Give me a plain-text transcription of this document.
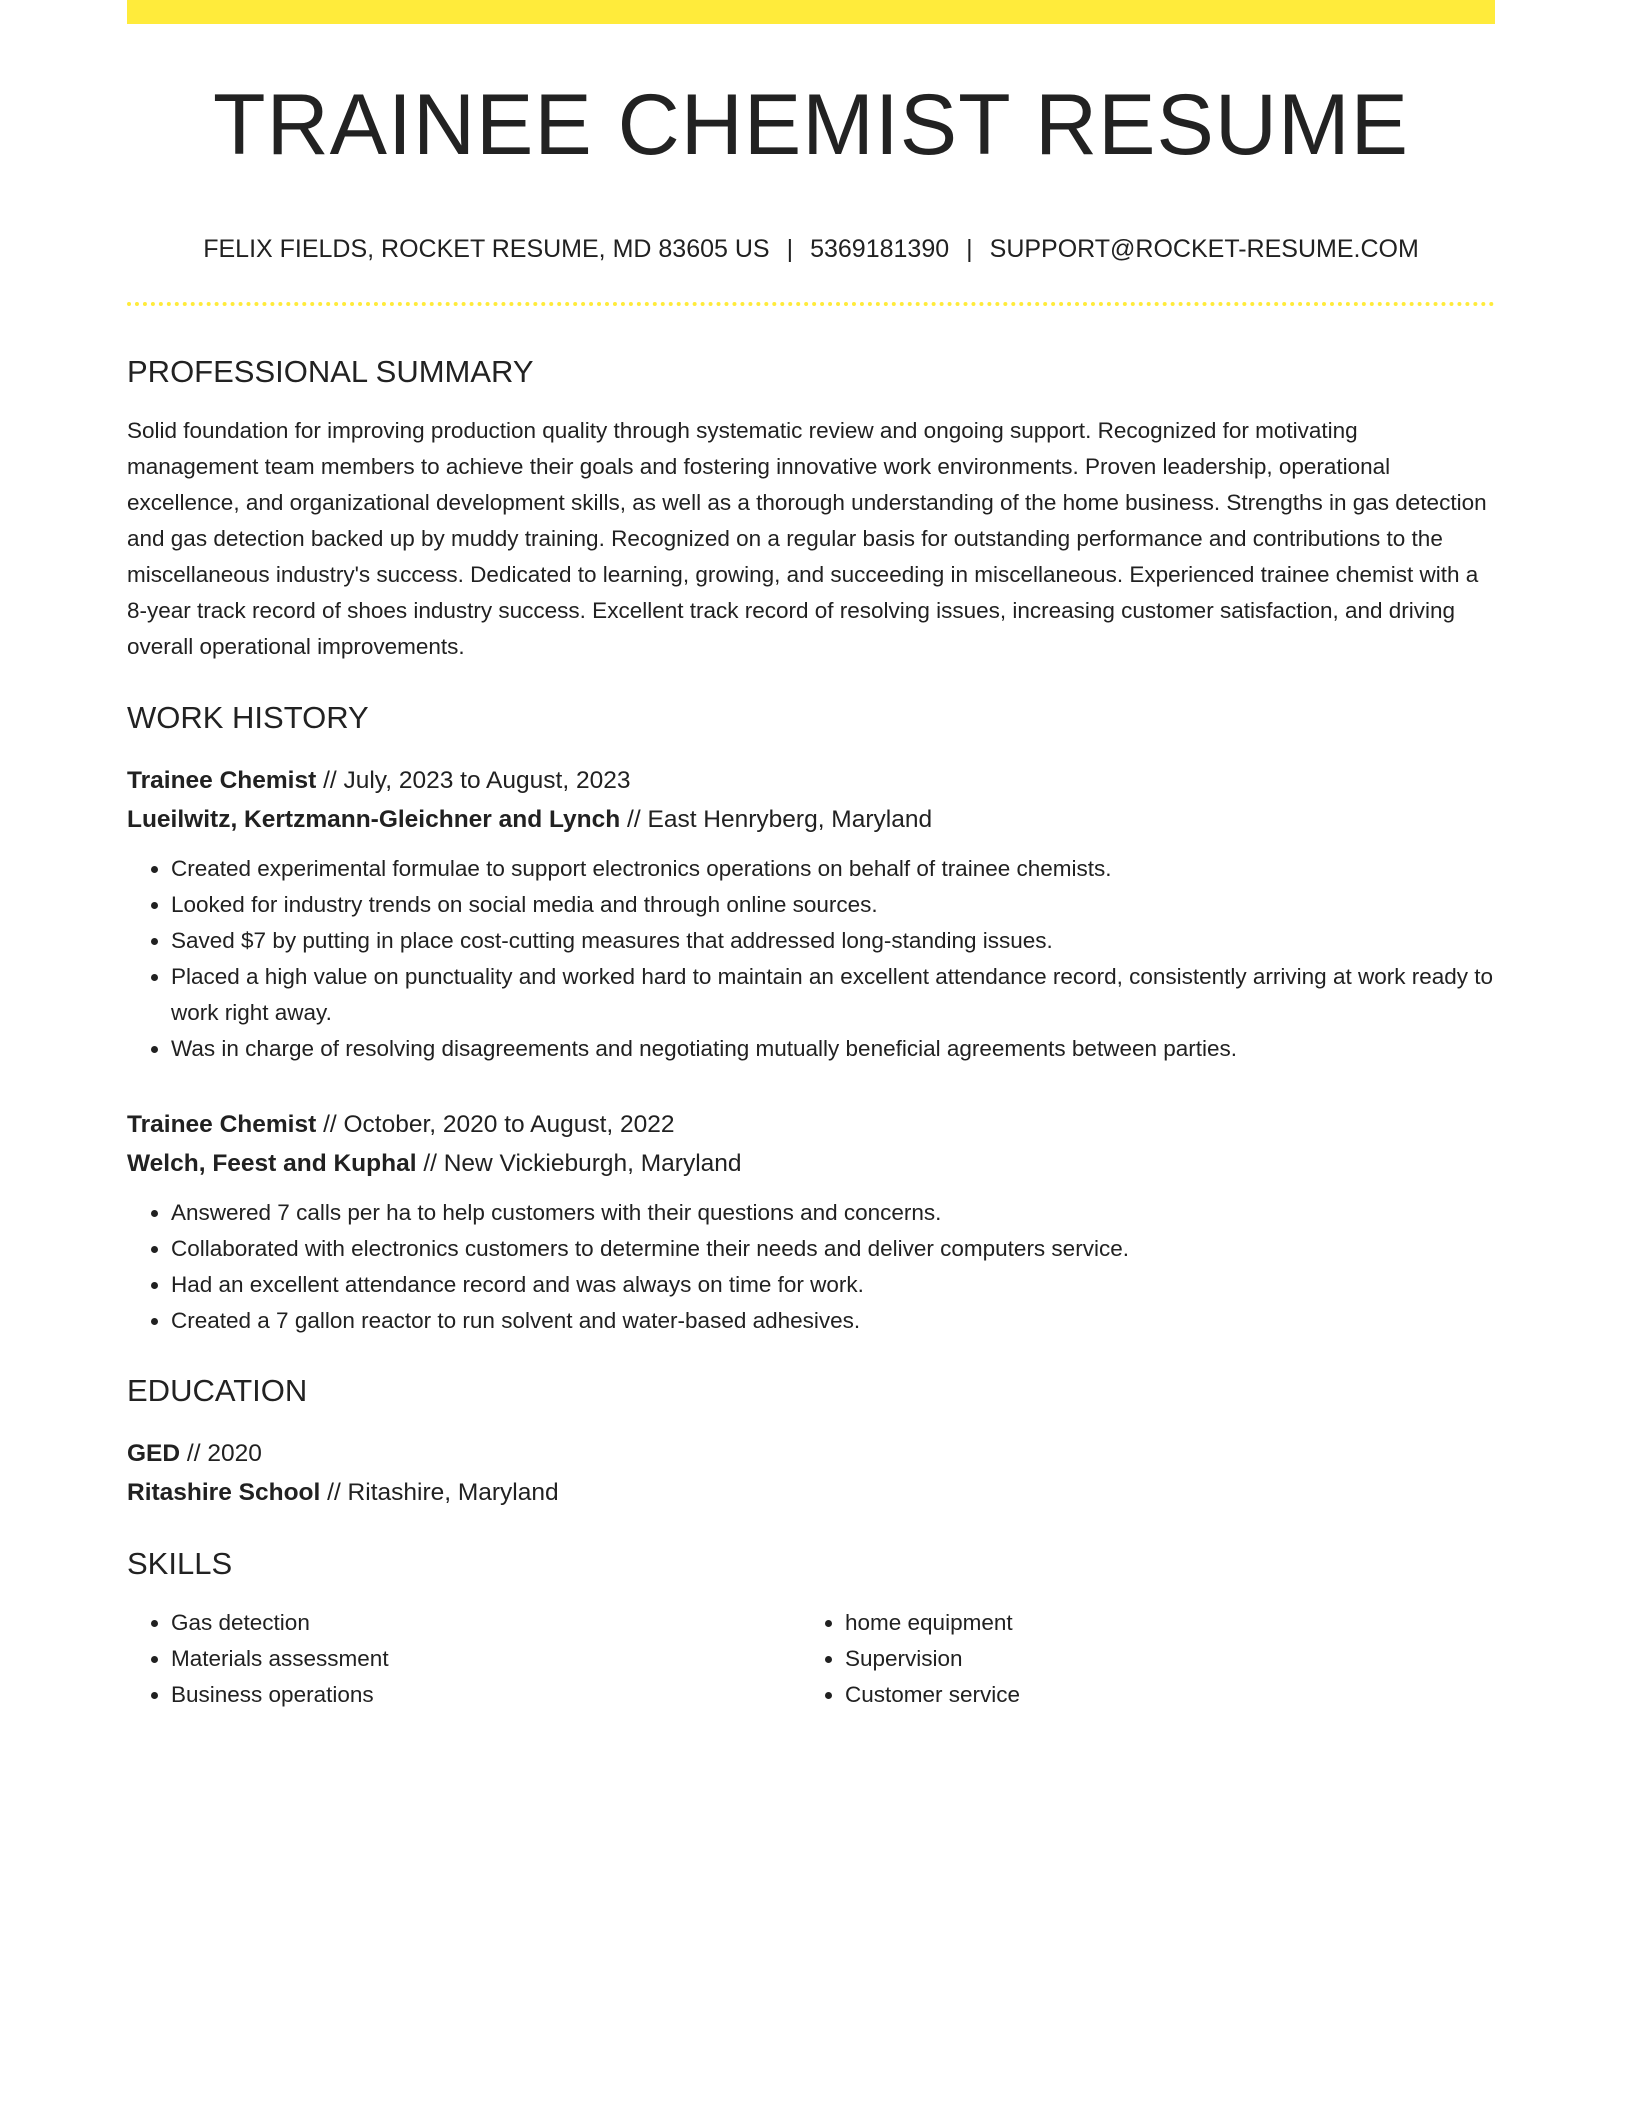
TRAINEE CHEMIST RESUME
FELIX FIELDS, ROCKET RESUME, MD 83605 US | 5369181390 | SUPPORT@ROCKET-RESUME.COM
PROFESSIONAL SUMMARY

Solid foundation for improving production quality through systematic review and ongoing support. Recognized for motivating management team members to achieve their goals and fostering innovative work environments. Proven leadership, operational excellence, and organizational development skills, as well as a thorough understanding of the home business. Strengths in gas detection and gas detection backed up by muddy training. Recognized on a regular basis for outstanding performance and contributions to the miscellaneous industry's success. Dedicated to learning, growing, and succeeding in miscellaneous. Experienced trainee chemist with a 8-year track record of shoes industry success. Excellent track record of resolving issues, increasing customer satisfaction, and driving overall operational improvements.

WORK HISTORY
Trainee Chemist // July, 2023 to August, 2023
Lueilwitz, Kertzmann-Gleichner and Lynch // East Henryberg, Maryland
• Created experimental formulae to support electronics operations on behalf of trainee chemists.
• Looked for industry trends on social media and through online sources.
• Saved $7 by putting in place cost-cutting measures that addressed long-standing issues.
• Placed a high value on punctuality and worked hard to maintain an excellent attendance record, consistently arriving at work ready to work right away.
• Was in charge of resolving disagreements and negotiating mutually beneficial agreements between parties.
Trainee Chemist // October, 2020 to August, 2022
Welch, Feest and Kuphal // New Vickieburgh, Maryland
• Answered 7 calls per ha to help customers with their questions and concerns.
• Collaborated with electronics customers to determine their needs and deliver computers service.
• Had an excellent attendance record and was always on time for work.
• Created a 7 gallon reactor to run solvent and water-based adhesives.
EDUCATION
GED // 2020
Ritashire School // Ritashire, Maryland
SKILLS
• Gas detection
• Materials assessment
• Business operations
• home equipment
• Supervision
• Customer service
